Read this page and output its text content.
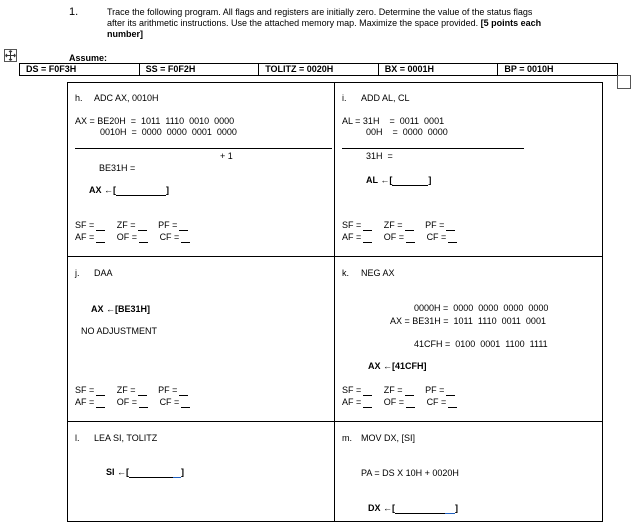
1.	Trace the following program. All flags and registers are initially zero. Determine the value of the status flags
after its arithmetic instructions. Use the attached memory map. Maximize the space provided. [5 points each
number]
Assume:
DS = F0F3H	SS = F0F2H	TOLITZ = 0020H	BX = 0001H	BP = 0010H
h. ADC AX, 0010H
AX = BE20H  =  1011  1110  0010  0000
0010H  =  0000  0000  0001  0000
+ 1
BE31H =
AX ←[	]
i. ADD AL, CL
AL = 31H    =  0011  0001
00H    =  0000  0000
31H  =
AL ←[	]
j. DAA
AX ←[BE31H]
NO ADJUSTMENT
k. NEG AX
0000H =  0000  0000  0000  0000
AX = BE31H =  1011  1110  0011  0001
41CFH =  0100  0001  1100  1111
AX ←[41CFH]
l. LEA SI, TOLITZ
SI ←[	]
m. MOV DX, [SI]
PA = DS X 10H + 0020H
DX ←[	]
SF =	ZF =	PF =
AF =	OF =	CF =
SF =	ZF =	PF =
AF =	OF =	CF =
SF =	ZF =	PF =
AF =	OF =	CF =
SF =	ZF =	PF =
AF =	OF =	CF =
